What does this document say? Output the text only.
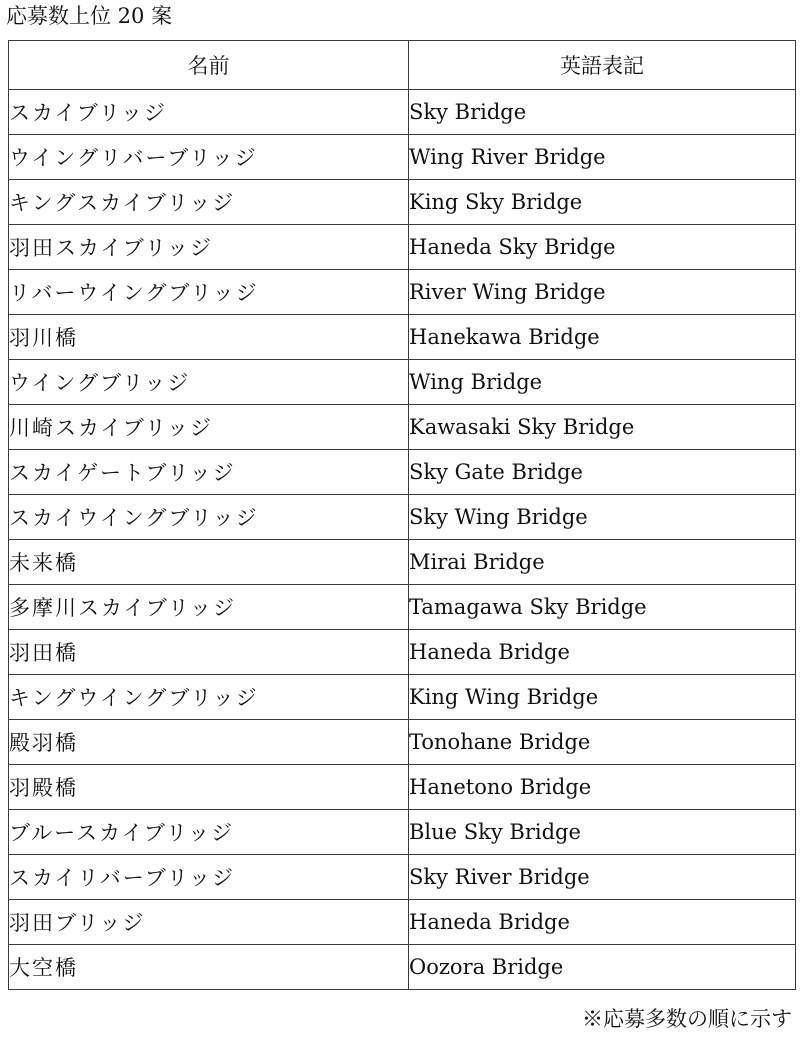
応募数上位 20 案
名前	英語表記
スカイブリッジ	Sky Bridge
ウイングリバーブリッジ	Wing River Bridge
キングスカイブリッジ	King Sky Bridge
羽田スカイブリッジ	Haneda Sky Bridge
リバーウイングブリッジ	River Wing Bridge
羽川橋	Hanekawa Bridge
ウイングブリッジ	Wing Bridge
川崎スカイブリッジ	Kawasaki Sky Bridge
スカイゲートブリッジ	Sky Gate Bridge
スカイウイングブリッジ	Sky Wing Bridge
未来橋	Mirai Bridge
多摩川スカイブリッジ	Tamagawa Sky Bridge
羽田橋	Haneda Bridge
キングウイングブリッジ	King Wing Bridge
殿羽橋	Tonohane Bridge
羽殿橋	Hanetono Bridge
ブルースカイブリッジ	Blue Sky Bridge
スカイリバーブリッジ	Sky River Bridge
羽田ブリッジ	Haneda Bridge
大空橋	Oozora Bridge
※応募多数の順に示す
